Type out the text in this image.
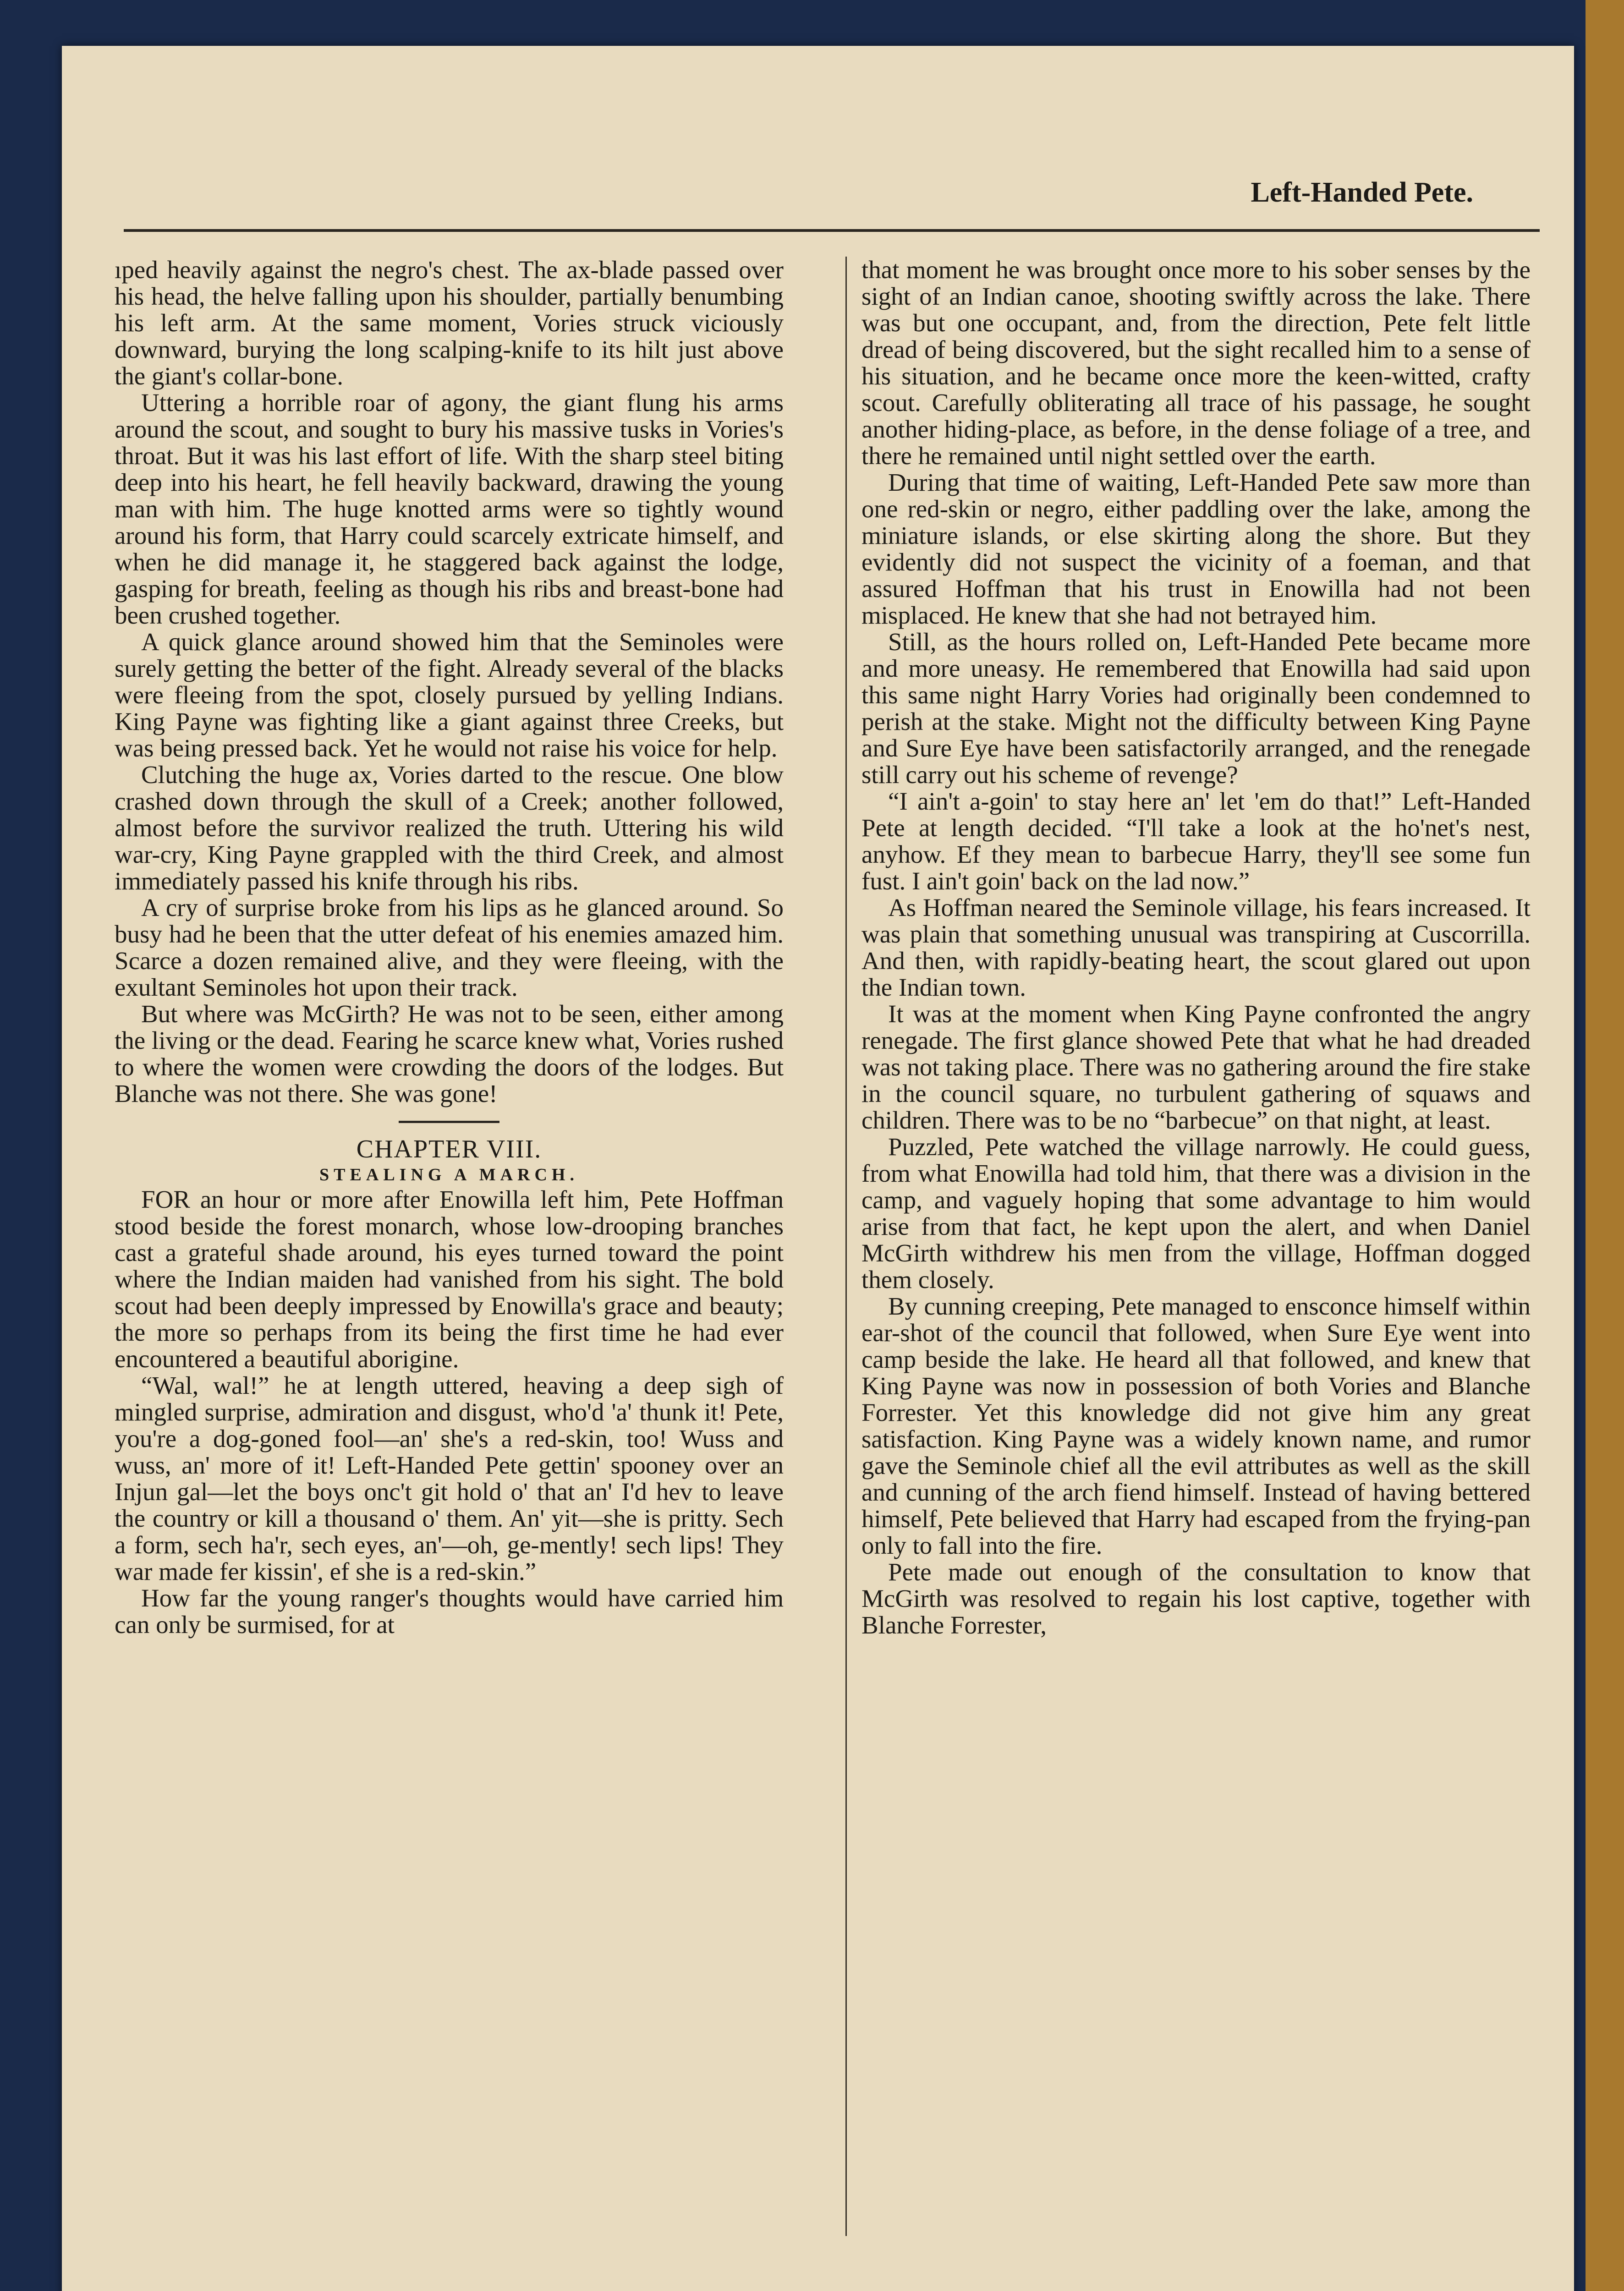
Left-Handed Pete.

ıped heavily against the negro's chest. The ax-blade passed over his head, the helve falling upon his shoulder, partially benumbing his left arm. At the same moment, Vories struck viciously downward, burying the long scalping-knife to its hilt just above the giant's collar-bone.

Uttering a horrible roar of agony, the giant flung his arms around the scout, and sought to bury his massive tusks in Vories's throat. But it was his last effort of life. With the sharp steel biting deep into his heart, he fell heavily backward, drawing the young man with him. The huge knotted arms were so tightly wound around his form, that Harry could scarcely extricate himself, and when he did manage it, he staggered back against the lodge, gasping for breath, feeling as though his ribs and breast-bone had been crushed together.

A quick glance around showed him that the Seminoles were surely getting the better of the fight. Already several of the blacks were fleeing from the spot, closely pursued by yelling Indians. King Payne was fighting like a giant against three Creeks, but was being pressed back. Yet he would not raise his voice for help.

Clutching the huge ax, Vories darted to the rescue. One blow crashed down through the skull of a Creek; another followed, almost before the survivor realized the truth. Uttering his wild war-cry, King Payne grappled with the third Creek, and almost immediately passed his knife through his ribs.

A cry of surprise broke from his lips as he glanced around. So busy had he been that the utter defeat of his enemies amazed him. Scarce a dozen remained alive, and they were fleeing, with the exultant Seminoles hot upon their track.

But where was McGirth? He was not to be seen, either among the living or the dead. Fearing he scarce knew what, Vories rushed to where the women were crowding the doors of the lodges. But Blanche was not there. She was gone!

CHAPTER VIII.
STEALING A MARCH.

FOR an hour or more after Enowilla left him, Pete Hoffman stood beside the forest monarch, whose low-drooping branches cast a grateful shade around, his eyes turned toward the point where the Indian maiden had vanished from his sight. The bold scout had been deeply impressed by Enowilla's grace and beauty; the more so perhaps from its being the first time he had ever encountered a beautiful aborigine.

“Wal, wal!” he at length uttered, heaving a deep sigh of mingled surprise, admiration and disgust, who'd 'a' thunk it! Pete, you're a dog-goned fool—an' she's a red-skin, too! Wuss and wuss, an' more of it! Left-Handed Pete gettin' spooney over an Injun gal—let the boys onc't git hold o' that an' I'd hev to leave the country or kill a thousand o' them. An' yit—she is pritty. Sech a form, sech ha'r, sech eyes, an'—oh, ge-mently! sech lips! They war made fer kissin', ef she is a red-skin.”

How far the young ranger's thoughts would have carried him can only be surmised, for at

that moment he was brought once more to his sober senses by the sight of an Indian canoe, shooting swiftly across the lake. There was but one occupant, and, from the direction, Pete felt little dread of being discovered, but the sight recalled him to a sense of his situation, and he became once more the keen-witted, crafty scout. Carefully obliterating all trace of his passage, he sought another hiding-place, as before, in the dense foliage of a tree, and there he remained until night settled over the earth.

During that time of waiting, Left-Handed Pete saw more than one red-skin or negro, either paddling over the lake, among the miniature islands, or else skirting along the shore. But they evidently did not suspect the vicinity of a foeman, and that assured Hoffman that his trust in Enowilla had not been misplaced. He knew that she had not betrayed him.

Still, as the hours rolled on, Left-Handed Pete became more and more uneasy. He remembered that Enowilla had said upon this same night Harry Vories had originally been condemned to perish at the stake. Might not the difficulty between King Payne and Sure Eye have been satisfactorily arranged, and the renegade still carry out his scheme of revenge?

“I ain't a-goin' to stay here an' let 'em do that!” Left-Handed Pete at length decided. “I'll take a look at the ho'net's nest, anyhow. Ef they mean to barbecue Harry, they'll see some fun fust. I ain't goin' back on the lad now.”

As Hoffman neared the Seminole village, his fears increased. It was plain that something unusual was transpiring at Cuscorrilla. And then, with rapidly-beating heart, the scout glared out upon the Indian town.

It was at the moment when King Payne confronted the angry renegade. The first glance showed Pete that what he had dreaded was not taking place. There was no gathering around the fire stake in the council square, no turbulent gathering of squaws and children. There was to be no “barbecue” on that night, at least.

Puzzled, Pete watched the village narrowly. He could guess, from what Enowilla had told him, that there was a division in the camp, and vaguely hoping that some advantage to him would arise from that fact, he kept upon the alert, and when Daniel McGirth withdrew his men from the village, Hoffman dogged them closely.

By cunning creeping, Pete managed to ensconce himself within ear-shot of the council that followed, when Sure Eye went into camp beside the lake. He heard all that followed, and knew that King Payne was now in possession of both Vories and Blanche Forrester. Yet this knowledge did not give him any great satisfaction. King Payne was a widely known name, and rumor gave the Seminole chief all the evil attributes as well as the skill and cunning of the arch fiend himself. Instead of having bettered himself, Pete believed that Harry had escaped from the frying-pan only to fall into the fire.

Pete made out enough of the consultation to know that McGirth was resolved to regain his lost captive, together with Blanche Forrester,
